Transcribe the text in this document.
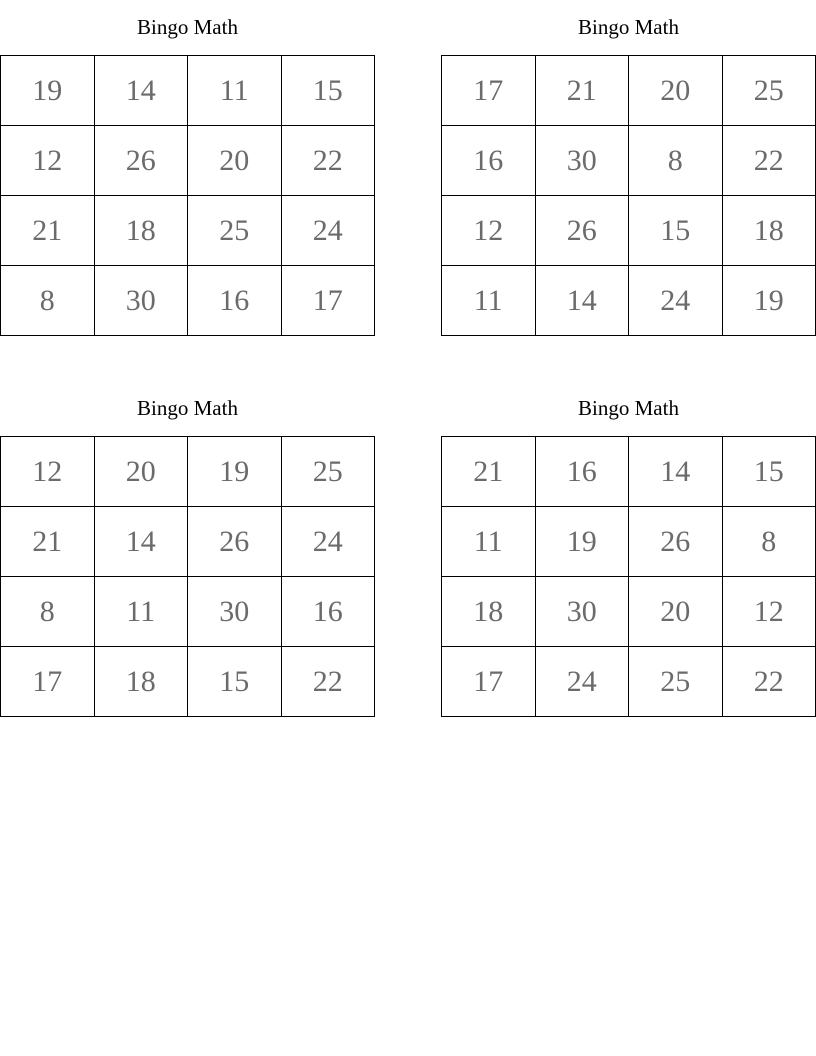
Bingo Math
19	14	11	15
12	26	20	22
21	18	25	24
8	30	16	17
Bingo Math
17	21	20	25
16	30	8	22
12	26	15	18
11	14	24	19
Bingo Math
12	20	19	25
21	14	26	24
8	11	30	16
17	18	15	22
Bingo Math
21	16	14	15
11	19	26	8
18	30	20	12
17	24	25	22
